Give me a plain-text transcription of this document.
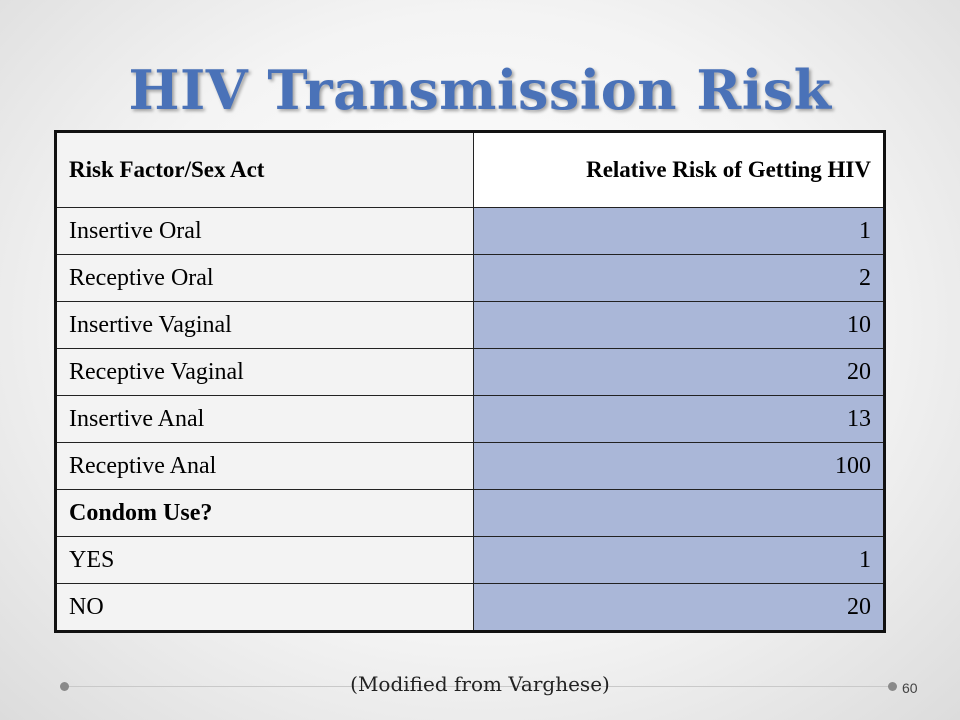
HIV Transmission Risk
Risk Factor/Sex Act	Relative Risk of Getting HIV
Insertive Oral	1
Receptive Oral	2
Insertive Vaginal	10
Receptive Vaginal	20
Insertive Anal	13
Receptive Anal	100
Condom Use?	
YES	1
NO	20
(Modified from Varghese)	60
